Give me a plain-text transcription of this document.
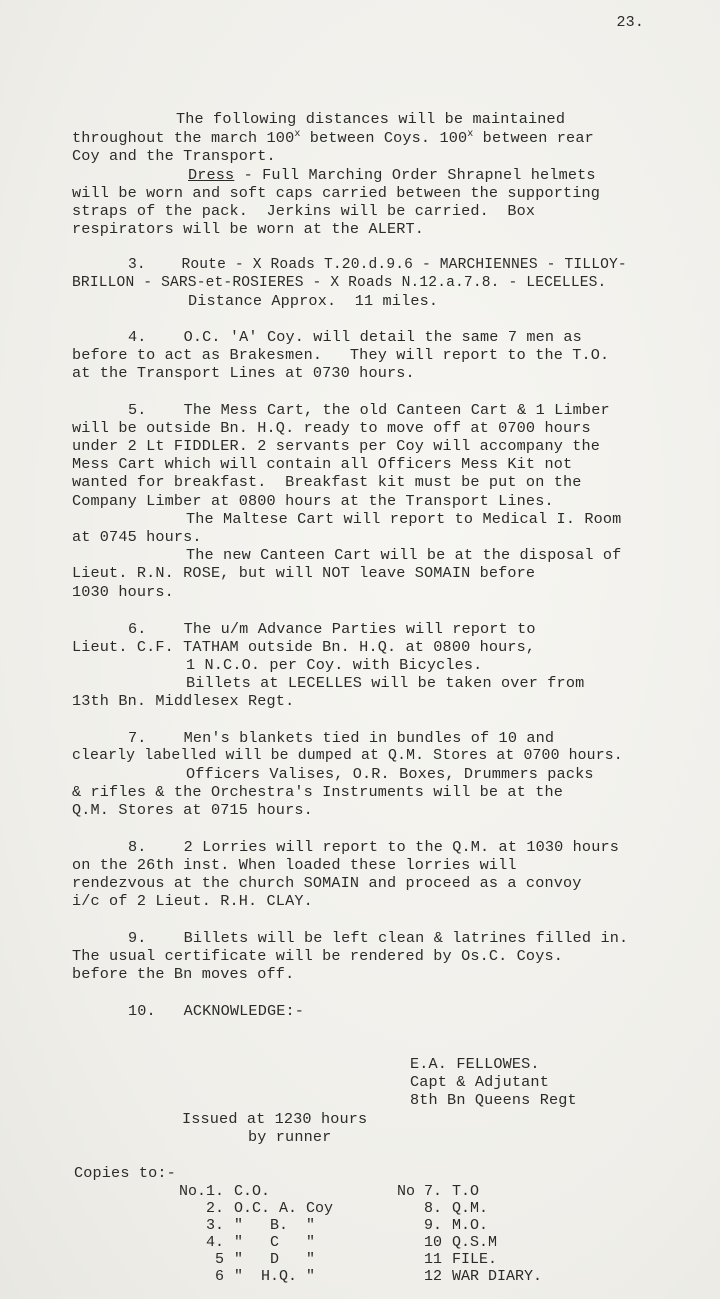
23.
The following distances will be maintained
throughout the march 100$^x$ between Coys. 100$^x$ between rear
Coy and the Transport.
Dress - Full Marching Order Shrapnel helmets
will be worn and soft caps carried between the supporting
straps of the pack.  Jerkins will be carried.  Box
respirators will be worn at the ALERT.
3.    Route - X Roads T.20.d.9.6 - MARCHIENNES - TILLOY-
BRILLON - SARS-et-ROSIERES - X Roads N.12.a.7.8. - LECELLES.
Distance Approx.  11 miles.
4.    O.C. 'A' Coy. will detail the same 7 men as
before to act as Brakesmen.   They will report to the T.O.
at the Transport Lines at 0730 hours.
5.    The Mess Cart, the old Canteen Cart & 1 Limber
will be outside Bn. H.Q. ready to move off at 0700 hours
under 2 Lt FIDDLER. 2 servants per Coy will accompany the
Mess Cart which will contain all Officers Mess Kit not
wanted for breakfast.  Breakfast kit must be put on the
Company Limber at 0800 hours at the Transport Lines.
The Maltese Cart will report to Medical I. Room
at 0745 hours.
The new Canteen Cart will be at the disposal of
Lieut. R.N. ROSE, but will NOT leave SOMAIN before
1030 hours.
6.    The u/m Advance Parties will report to
Lieut. C.F. TATHAM outside Bn. H.Q. at 0800 hours,
1 N.C.O. per Coy. with Bicycles.
Billets at LECELLES will be taken over from
13th Bn. Middlesex Regt.
7.    Men's blankets tied in bundles of 10 and
clearly labelled will be dumped at Q.M. Stores at 0700 hours.
Officers Valises, O.R. Boxes, Drummers packs
& rifles & the Orchestra's Instruments will be at the
Q.M. Stores at 0715 hours.
8.    2 Lorries will report to the Q.M. at 1030 hours
on the 26th inst. When loaded these lorries will
rendezvous at the church SOMAIN and proceed as a convoy
i/c of 2 Lieut. R.H. CLAY.
9.    Billets will be left clean & latrines filled in.
The usual certificate will be rendered by Os.C. Coys.
before the Bn moves off.
10.   ACKNOWLEDGE:-
E.A. FELLOWES.
Capt & Adjutant
8th Bn Queens Regt
Issued at 1230 hours
by runner
Copies to:-
No.1.	C.O.
2.	O.C. A. Coy
3.	"   B.  "
4.	"   C   "
5	"   D   "
6	"  H.Q. "
No 7.	T.O
8.	Q.M.
9.	M.O.
10	Q.S.M
11	FILE.
12	WAR DIARY.
